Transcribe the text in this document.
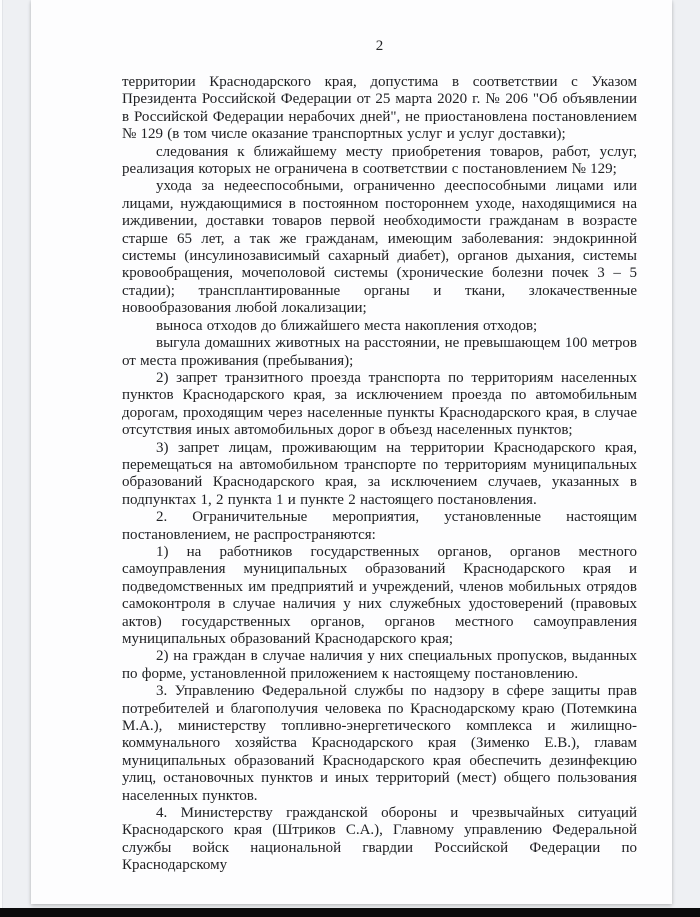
2

территории Краснодарского края, допустима в соответствии с Указом Президента Российской Федерации от 25 марта 2020 г. № 206 "Об объявлении в Российской Федерации нерабочих дней", не приостановлена постановлением № 129 (в том числе оказание транспортных услуг и услуг доставки);

следования к ближайшему месту приобретения товаров, работ, услуг, реализация которых не ограничена в соответствии с постановлением № 129;

ухода за недееспособными, ограниченно дееспособными лицами или лицами, нуждающимися в постоянном постороннем уходе, находящимися на иждивении, доставки товаров первой необходимости гражданам в возрасте старше 65 лет, а так же гражданам, имеющим заболевания: эндокринной системы (инсулинозависимый сахарный диабет), органов дыхания, системы кровообращения, мочеполовой системы (хронические болезни почек 3 – 5 стадии); трансплантированные органы и ткани, злокачественные новообразования любой локализации;

выноса отходов до ближайшего места накопления отходов;

выгула домашних животных на расстоянии, не превышающем 100 метров от места проживания (пребывания);

2) запрет транзитного проезда транспорта по территориям населенных пунктов Краснодарского края, за исключением проезда по автомобильным дорогам, проходящим через населенные пункты Краснодарского края, в случае отсутствия иных автомобильных дорог в объезд населенных пунктов;

3) запрет лицам, проживающим на территории Краснодарского края, перемещаться на автомобильном транспорте по территориям муниципальных образований Краснодарского края, за исключением случаев, указанных в подпунктах 1, 2 пункта 1 и пункте 2 настоящего постановления.

2. Ограничительные мероприятия, установленные настоящим постановлением, не распространяются:

1) на работников государственных органов, органов местного самоуправления муниципальных образований Краснодарского края и подведомственных им предприятий и учреждений, членов мобильных отрядов самоконтроля в случае наличия у них служебных удостоверений (правовых актов) государственных органов, органов местного самоуправления муниципальных образований Краснодарского края;

2) на граждан в случае наличия у них специальных пропусков, выданных по форме, установленной приложением к настоящему постановлению.

3. Управлению Федеральной службы по надзору в сфере защиты прав потребителей и благополучия человека по Краснодарскому краю (Потемкина М.А.), министерству топливно-энергетического комплекса и жилищно-коммунального хозяйства Краснодарского края (Зименко Е.В.), главам муниципальных образований Краснодарского края обеспечить дезинфекцию улиц, остановочных пунктов и иных территорий (мест) общего пользования населенных пунктов.

4. Министерству гражданской обороны и чрезвычайных ситуаций Краснодарского края (Штриков С.А.), Главному управлению Федеральной службы войск национальной гвардии Российской Федерации по Краснодарскому
